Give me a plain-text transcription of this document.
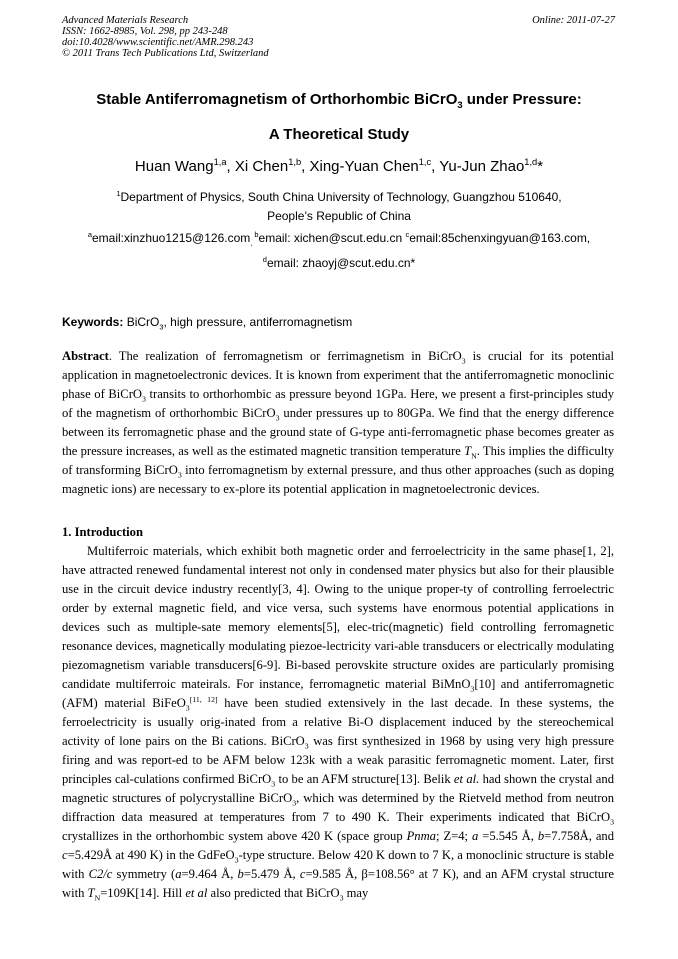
Advanced Materials Research
ISSN: 1662-8985, Vol. 298, pp 243-248
doi:10.4028/www.scientific.net/AMR.298.243
© 2011 Trans Tech Publications Ltd, Switzerland
Online: 2011-07-27
Stable Antiferromagnetism of Orthorhombic BiCrO$_3$ under Pressure:
A Theoretical Study
Huan Wang$^{1,a}$, Xi Chen$^{1,b}$, Xing-Yuan Chen$^{1,c}$, Yu-Jun Zhao$^{1,d}$*
$^1$Department of Physics, South China University of Technology, Guangzhou 510640,
People’s Republic of China
$^a$email:xinzhuo1215@126.com$_,$ $^b$email: xichen@scut.edu.cn $^c$email:85chenxingyuan@163.com,
$^d$email: zhaoyj@scut.edu.cn*
Keywords: BiCrO$_3$, high pressure, antiferromagnetism
Abstract. The realization of ferromagnetism or ferrimagnetism in BiCrO$_3$ is crucial for its potential application in magnetoelectronic devices. It is known from experiment that the antiferromagnetic monoclinic phase of BiCrO$_3$ transits to orthorhombic as pressure beyond 1GPa. Here, we present a first-principles study of the magnetism of orthorhombic BiCrO$_3$ under pressures up to 80GPa. We find that the energy difference between its ferromagnetic phase and the ground state of G-type anti-ferromagnetic phase becomes greater as the pressure increases, as well as the estimated magnetic transition temperature $T_N$. This implies the difficulty of transforming BiCrO$_3$ into ferromagnetism by external pressure, and thus other approaches (such as doping magnetic ions) are necessary to ex-plore its potential application in magnetoelectronic devices.
1. Introduction
Multiferroic materials, which exhibit both magnetic order and ferroelectricity in the same phase[1, 2], have attracted renewed fundamental interest not only in condensed mater physics but also for their plausible use in the circuit device industry recently[3, 4]. Owing to the unique proper-ty of controlling ferroelectric order by external magnetic field, and vice versa, such systems have enormous potential applications in devices such as multiple-sate memory elements[5], elec-tric(magnetic) field controlling ferromagnetic resonance devices, magnetically modulating piezoe-lectricity vari-able transducers or electrically modulating piezomagnetism variable transducers[6-9]. Bi-based perovskite structure oxides are particularly promising candidate multiferroic mateirals. For instance, ferromagnetic material BiMnO$_3$[10] and antiferromagnetic (AFM) material BiFeO$_3$[11, 12] have been studied extensively in the last decade. In these systems, the ferroelectricity is usually orig-inated from a relative Bi-O displacement induced by the stereochemical activity of lone pairs on the Bi cations. BiCrO$_3$ was first synthesized in 1968 by using very high pressure firing and was report-ed to be AFM below 123k with a weak parasitic ferromagnetic moment. Later, first principles cal-culations confirmed BiCrO$_3$ to be an AFM structure[13]. Belik et al. had shown the crystal and magnetic structures of polycrystalline BiCrO$_3$, which was determined by the Rietveld method from neutron diffraction data measured at temperatures from 7 to 490 K. Their experiments indicated that BiCrO$_3$ crystallizes in the orthorhombic system above 420 K (space group Pnma; Z=4; a =5.545 Å, b=7.758Å, and c=5.429Å at 490 K) in the GdFeO$_3$-type structure. Below 420 K down to 7 K, a monoclinic structure is stable with C2/c symmetry (a=9.464 Å, b=5.479 Å, c=9.585 Å, β=108.56° at 7 K), and an AFM crystal structure with $T_N=109K[14]$. Hill et al also predicted that BiCrO$_3$ may
